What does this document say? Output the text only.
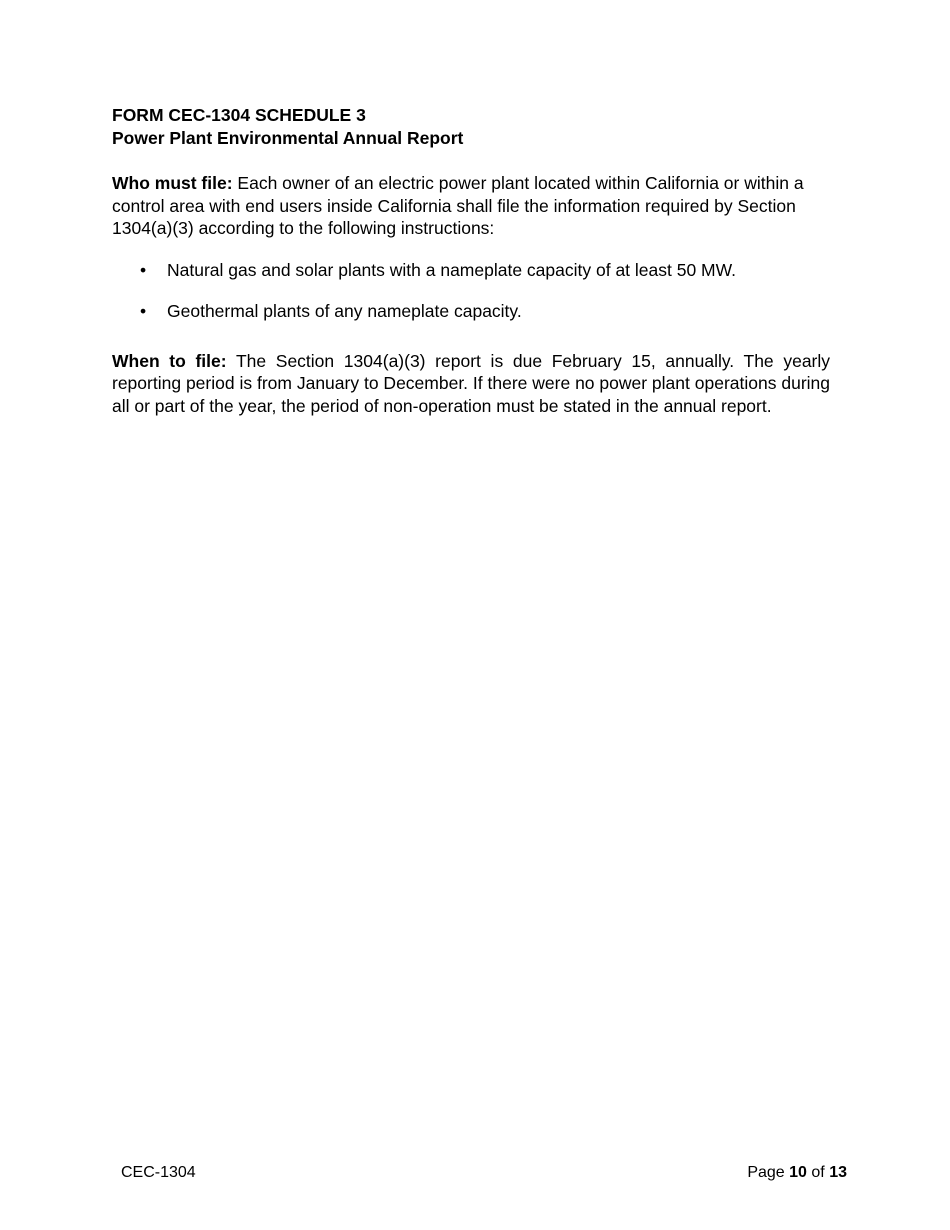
FORM CEC-1304 SCHEDULE 3

Power Plant Environmental Annual Report

Who must file: Each owner of an electric power plant located within California or within a control area with end users inside California shall file the information required by Section 1304(a)(3) according to the following instructions:

• Natural gas and solar plants with a nameplate capacity of at least 50 MW.
• Geothermal plants of any nameplate capacity.

When to file: The Section 1304(a)(3) report is due February 15, annually. The yearly reporting period is from January to December. If there were no power plant operations during all or part of the year, the period of non-operation must be stated in the annual report.

CEC-1304	Page 10 of 13
